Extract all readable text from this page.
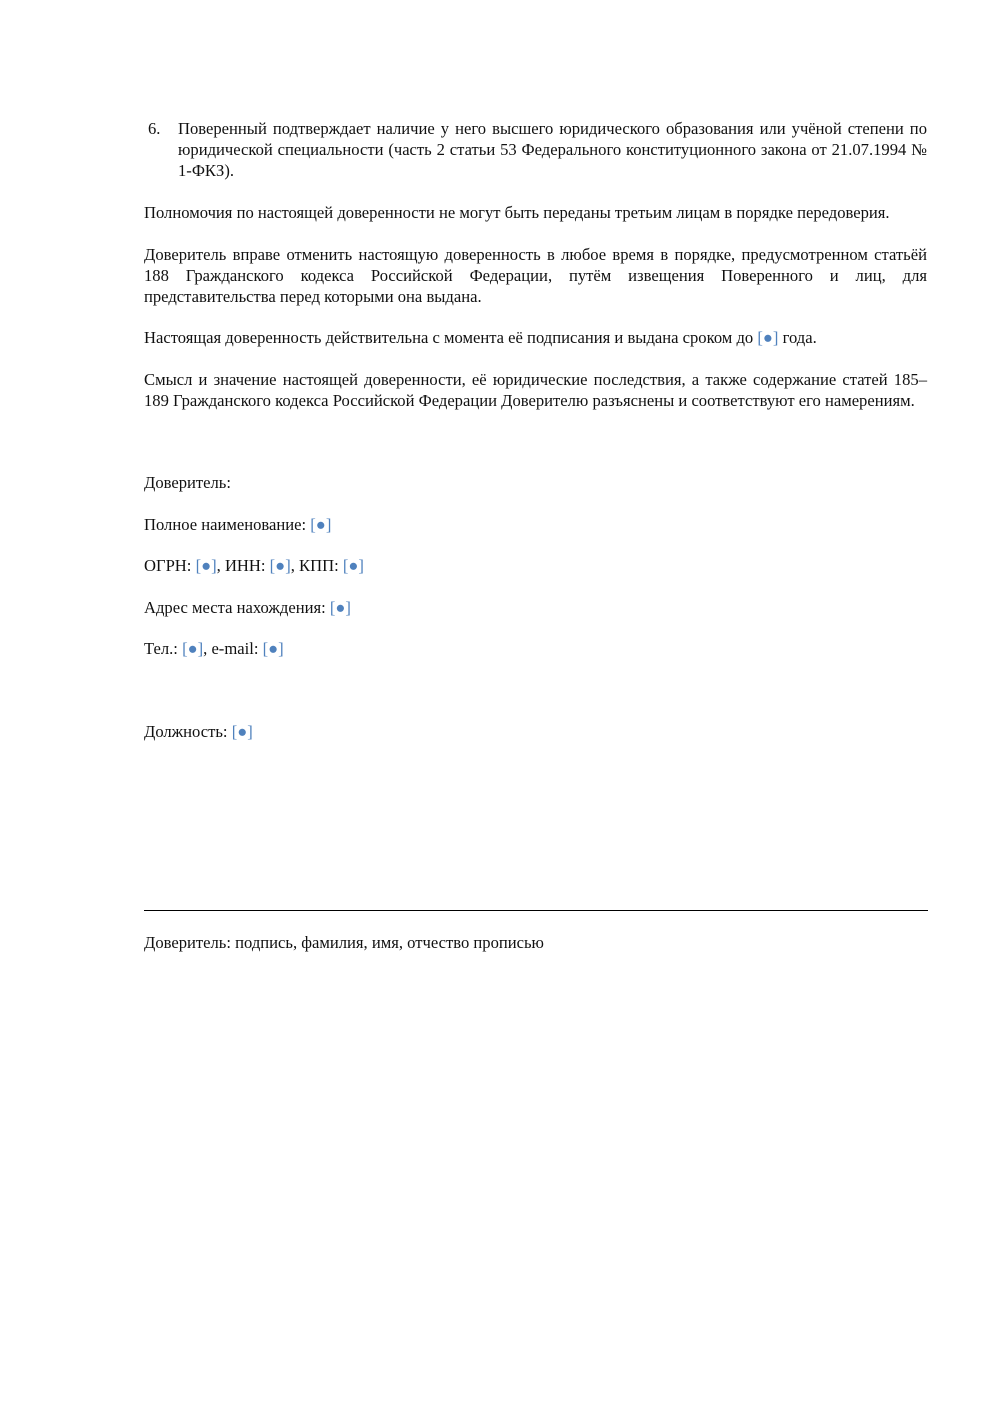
6.	Поверенный подтверждает наличие у него высшего юридического образования или учёной степени по юридической специальности (часть 2 статьи 53 Федерального конституционного закона от 21.07.1994 № 1-ФКЗ).

Полномочия по настоящей доверенности не могут быть переданы третьим лицам в порядке передоверия.

Доверитель вправе отменить настоящую доверенность в любое время в порядке, предусмотренном статьёй 188 Гражданского кодекса Российской Федерации, путём извещения Поверенного и лиц, для представительства перед которыми она выдана.

Настоящая доверенность действительна с момента её подписания и выдана сроком до [●] года.

Смысл и значение настоящей доверенности, её юридические последствия, а также содержание статей 185–189 Гражданского кодекса Российской Федерации Доверителю разъяснены и соответствуют его намерениям.

Доверитель:

Полное наименование: [●]

ОГРН: [●], ИНН: [●], КПП: [●]

Адрес места нахождения: [●]

Тел.: [●], e-mail: [●]

Должность: [●]

Доверитель: подпись, фамилия, имя, отчество прописью
